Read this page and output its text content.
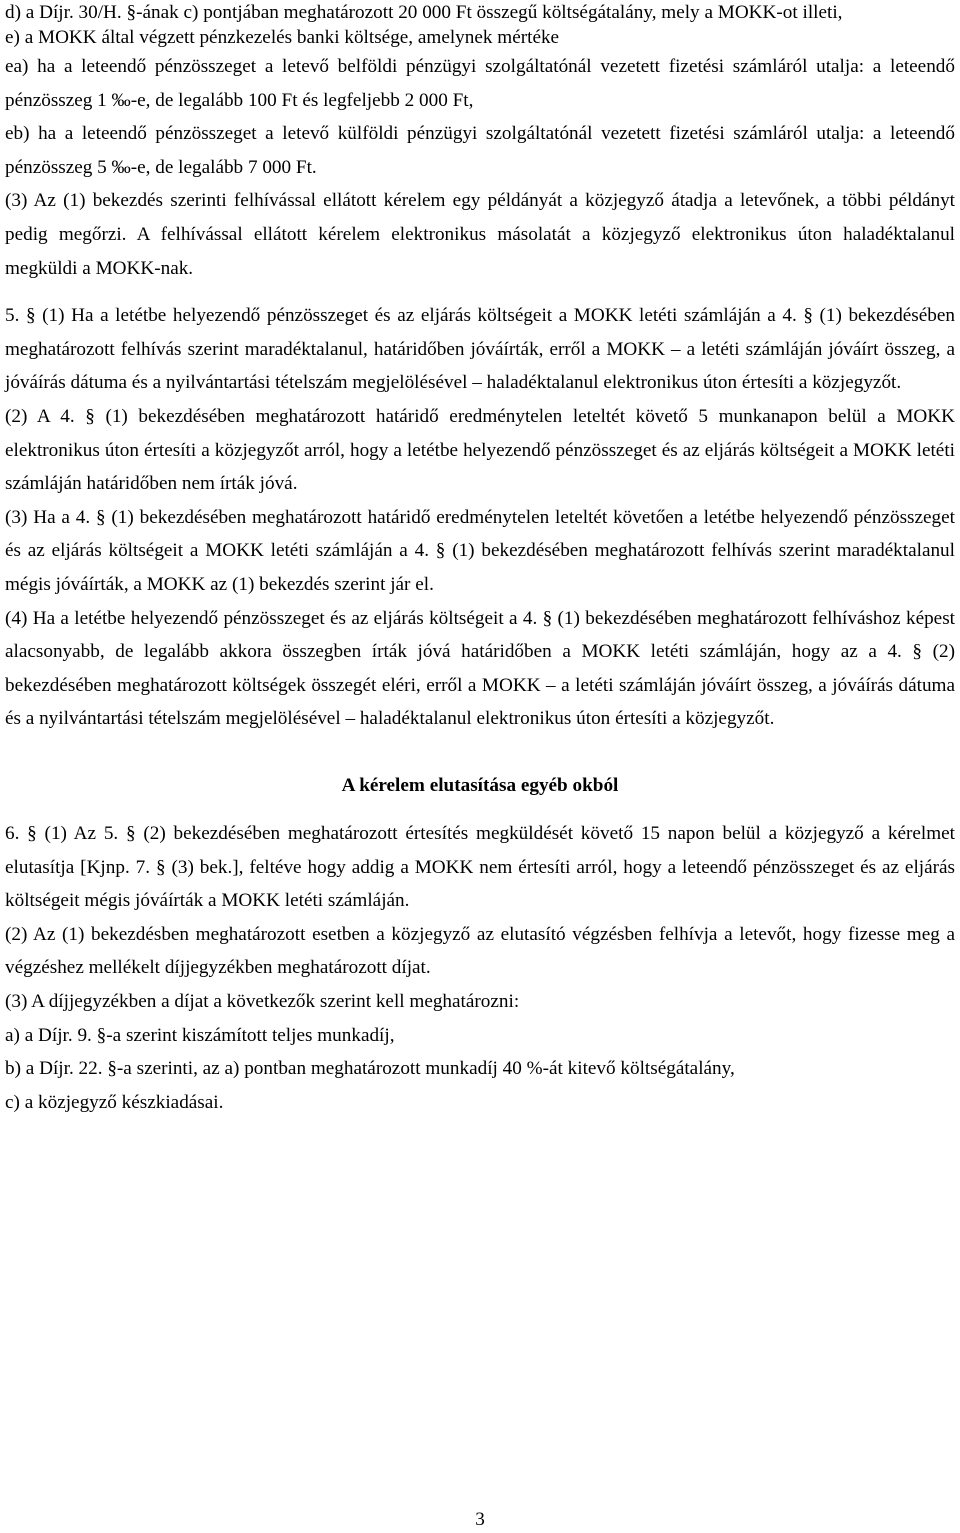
d) a Díjr. 30/H. §-ának c) pontjában meghatározott 20 000 Ft összegű költségátalány, mely a MOKK-ot illeti,

e) a MOKK által végzett pénzkezelés banki költsége, amelynek mértéke

ea) ha a leteendő pénzösszeget a letevő belföldi pénzügyi szolgáltatónál vezetett fizetési számláról utalja: a leteendő pénzösszeg 1 ‰-e, de legalább 100 Ft és legfeljebb 2 000 Ft,

eb) ha a leteendő pénzösszeget a letevő külföldi pénzügyi szolgáltatónál vezetett fizetési számláról utalja: a leteendő pénzösszeg 5 ‰-e, de legalább 7 000 Ft.

(3) Az (1) bekezdés szerinti felhívással ellátott kérelem egy példányát a közjegyző átadja a letevőnek, a többi példányt pedig megőrzi. A felhívással ellátott kérelem elektronikus másolatát a közjegyző elektronikus úton haladéktalanul megküldi a MOKK-nak.

5. § (1) Ha a letétbe helyezendő pénzösszeget és az eljárás költségeit a MOKK letéti számláján a 4. § (1) bekezdésében meghatározott felhívás szerint maradéktalanul, határidőben jóváírták, erről a MOKK – a letéti számláján jóváírt összeg, a jóváírás dátuma és a nyilvántartási tételszám megjelölésével – haladéktalanul elektronikus úton értesíti a közjegyzőt.

(2) A 4. § (1) bekezdésében meghatározott határidő eredménytelen leteltét követő 5 munkanapon belül a MOKK elektronikus úton értesíti a közjegyzőt arról, hogy a letétbe helyezendő pénzösszeget és az eljárás költségeit a MOKK letéti számláján határidőben nem írták jóvá.

(3) Ha a 4. § (1) bekezdésében meghatározott határidő eredménytelen leteltét követően a letétbe helyezendő pénzösszeget és az eljárás költségeit a MOKK letéti számláján a 4. § (1) bekezdésében meghatározott felhívás szerint maradéktalanul mégis jóváírták, a MOKK az (1) bekezdés szerint jár el.

(4) Ha a letétbe helyezendő pénzösszeget és az eljárás költségeit a 4. § (1) bekezdésében meghatározott felhíváshoz képest alacsonyabb, de legalább akkora összegben írták jóvá határidőben a MOKK letéti számláján, hogy az a 4. § (2) bekezdésében meghatározott költségek összegét eléri, erről a MOKK – a letéti számláján jóváírt összeg, a jóváírás dátuma és a nyilvántartási tételszám megjelölésével – haladéktalanul elektronikus úton értesíti a közjegyzőt.

A kérelem elutasítása egyéb okból

6. § (1) Az 5. § (2) bekezdésében meghatározott értesítés megküldését követő 15 napon belül a közjegyző a kérelmet elutasítja [Kjnp. 7. § (3) bek.], feltéve hogy addig a MOKK nem értesíti arról, hogy a leteendő pénzösszeget és az eljárás költségeit mégis jóváírták a MOKK letéti számláján.

(2) Az (1) bekezdésben meghatározott esetben a közjegyző az elutasító végzésben felhívja a letevőt, hogy fizesse meg a végzéshez mellékelt díjjegyzékben meghatározott díjat.

(3) A díjjegyzékben a díjat a következők szerint kell meghatározni:

a) a Díjr. 9. §-a szerint kiszámított teljes munkadíj,

b) a Díjr. 22. §-a szerinti, az a) pontban meghatározott munkadíj 40 %-át kitevő költségátalány,

c) a közjegyző készkiadásai.

3
